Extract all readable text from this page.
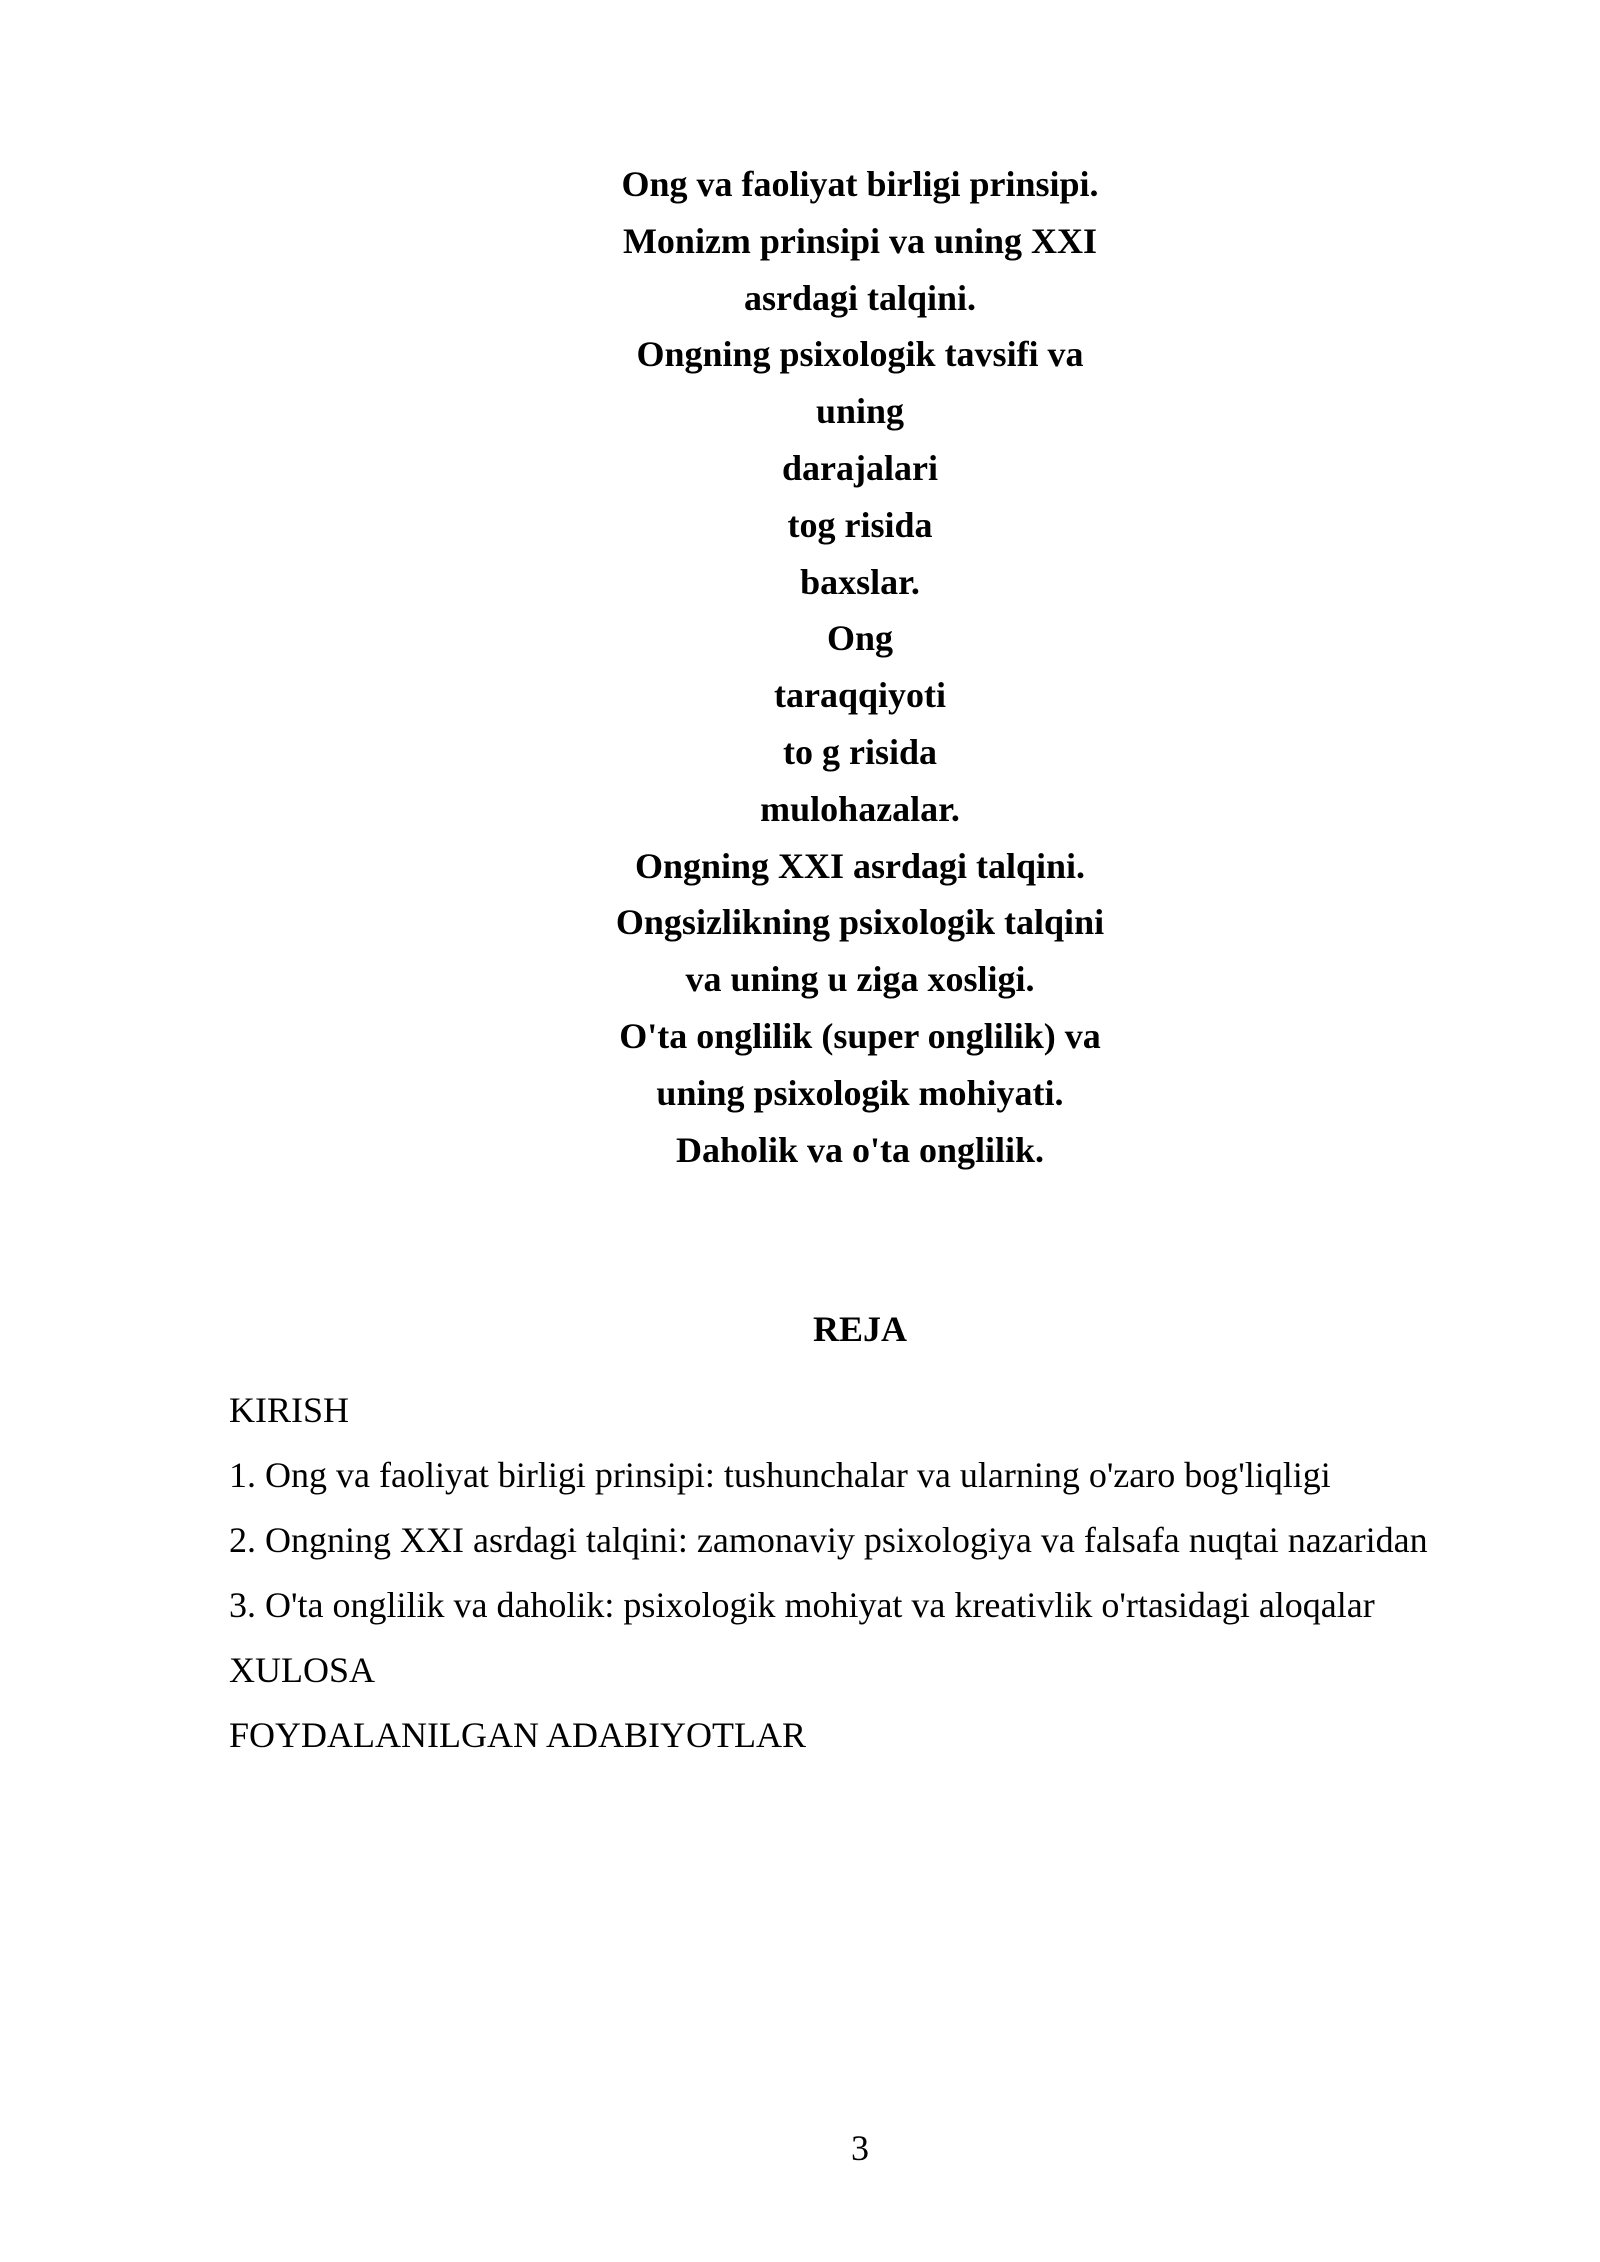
Ong va faoliyat birligi prinsipi.
Monizm prinsipi va uning XXI
asrdagi talqini.
Ongning psixologik tavsifi va
uning
darajalari
tog risida
baxslar.
Ong
taraqqiyoti
to g risida
mulohazalar.
Ongning XXI asrdagi talqini.
Ongsizlikning psixologik talqini
va uning u ziga xosligi.
O'ta onglilik (super onglilik) va
uning psixologik mohiyati.
Daholik va o'ta onglilik.
REJA
KIRISH
1. Ong va faoliyat birligi prinsipi: tushunchalar va ularning o'zaro bog'liqligi
2. Ongning XXI asrdagi talqini: zamonaviy psixologiya va falsafa nuqtai nazaridan
3. O'ta onglilik va daholik: psixologik mohiyat va kreativlik o'rtasidagi aloqalar
XULOSA
FOYDALANILGAN ADABIYOTLAR
3
